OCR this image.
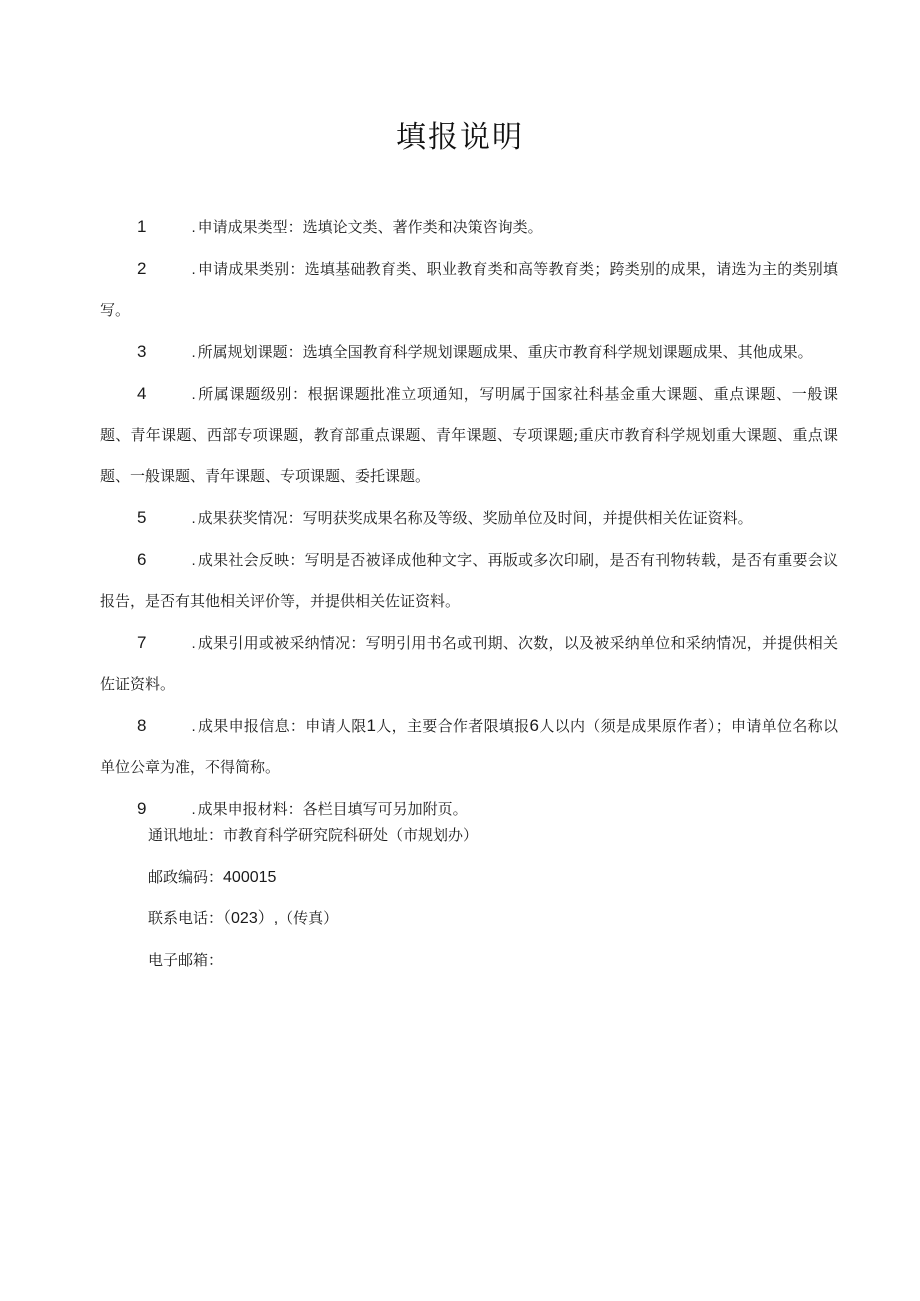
填报说明

1	. 申请成果类型：选填论文类、著作类和决策咨询类。

2	. 申请成果类别：选填基础教育类、职业教育类和高等教育类；跨类别的成果，请选为主的类别填写。

3	. 所属规划课题：选填全国教育科学规划课题成果、重庆市教育科学规划课题成果、其他成果。

4	. 所属课题级别：根据课题批准立项通知，写明属于国家社科基金重大课题、重点课题、一般课题、青年课题、西部专项课题，教育部重点课题、青年课题、专项课题;重庆市教育科学规划重大课题、重点课题、一般课题、青年课题、专项课题、委托课题。

5	. 成果获奖情况：写明获奖成果名称及等级、奖励单位及时间，并提供相关佐证资料。

6	. 成果社会反映：写明是否被译成他种文字、再版或多次印刷，是否有刊物转载，是否有重要会议报告，是否有其他相关评价等，并提供相关佐证资料。

7	. 成果引用或被采纳情况：写明引用书名或刊期、次数，以及被采纳单位和采纳情况，并提供相关佐证资料。

8	. 成果申报信息：申请人限1人，主要合作者限填报6人以内（须是成果原作者）；申请单位名称以单位公章为准，不得简称。

9	. 成果申报材料：各栏目填写可另加附页。

通讯地址：市教育科学研究院科研处（市规划办）

邮政编码：400015

联系电话：（023）,（传真）

电子邮箱：
